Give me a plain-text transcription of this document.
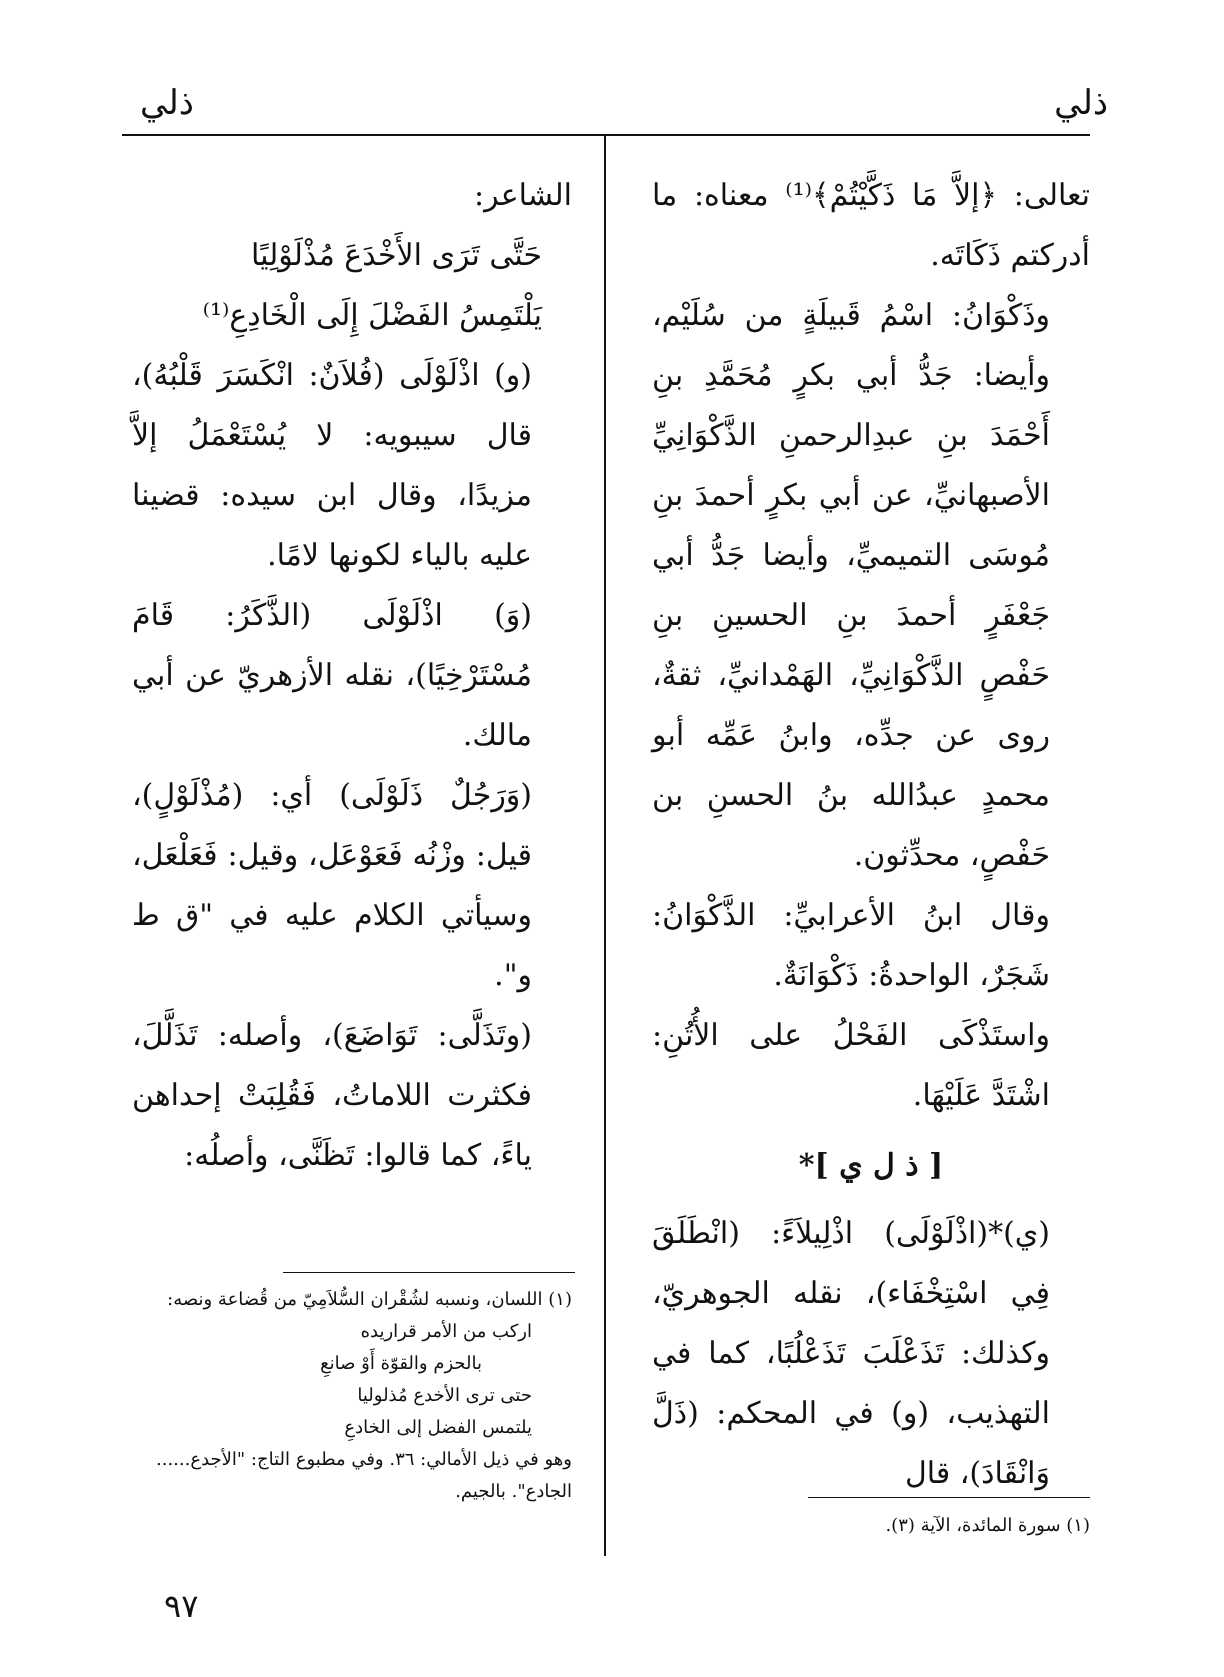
ذلي
ذلي

تعالى: ﴿إلاَّ مَا ذَكَّيْتُمْ﴾⁽¹⁾ معناه: ما أدركتم ذَكَاتَه.

وذَكْوَانُ: اسْمُ قَبيلَةٍ من سُلَيْم، وأيضا: جَدُّ أبي بكرٍ مُحَمَّدِ بنِ أَحْمَدَ بنِ عبدِالرحمنِ الذَّكْوَانِيِّ الأصبهانيِّ، عن أبي بكرٍ أحمدَ بنِ مُوسَى التميميِّ، وأيضا جَدُّ أبي جَعْفَرٍ أحمدَ بنِ الحسينِ بنِ حَفْصٍ الذَّكْوَانِيِّ، الهَمْدانيِّ، ثقةٌ، روى عن جدِّه، وابنُ عَمِّه أبو محمدٍ عبدُالله بنُ الحسنِ بن حَفْصٍ، محدِّثون.

وقال ابنُ الأعرابيِّ: الذَّكْوَانُ: شَجَرٌ، الواحدةُ: ذَكْوَانَةٌ.

واستَذْكَى الفَحْلُ على الأُتُنِ: اشْتَدَّ عَلَيْهَا.

[ ذ ل ي ]*

(ي)*(اذْلَوْلَى) اذْلِيلاَءً: (انْطَلَقَ فِي اسْتِخْفَاء)، نقله الجوهريّ، وكذلك: تَذَعْلَبَ تَذَعْلُبًا، كما في التهذيب، (و) في المحكم: (ذَلَّ وَانْقَادَ)، قال

الشاعر:

حَتَّى تَرَى الأَخْدَعَ مُذْلَوْلِيًا

يَلْتَمِسُ الفَضْلَ إِلَى الْخَادِعِ⁽¹⁾

(و) اذْلَوْلَى (فُلاَنٌ: انْكَسَرَ قَلْبُهُ)، قال سيبويه: لا يُسْتَعْمَلُ إلاَّ مزيدًا، وقال ابن سيده: قضينا عليه بالياء لكونها لامًا.

(وَ) اذْلَوْلَى (الذَّكَرُ: قَامَ مُسْتَرْخِيًا)، نقله الأزهريّ عن أبي مالك.

(وَرَجُلٌ ذَلَوْلَى) أي: (مُذْلَوْلٍ)، قيل: وزْنُه فَعَوْعَل، وقيل: فَعَلْعَل، وسيأتي الكلام عليه في "ق ط و".

(وتَذَلَّى: تَوَاضَعَ)، وأصله: تَذَلَّلَ، فكثرت اللاماتُ، فَقُلِبَتْ إحداهن ياءً، كما قالوا: تَظَنَّى، وأصلُه:

(١) سورة المائدة، الآية (٣).

(١) اللسان، ونسبه لشُقْران السُّلاَمِيّ من قُضاعة ونصه:

اركب من الأمر قراريده

بالحزم والقوّة أَوْ صانعِ

حتى ترى الأخدع مُذلوليا

يلتمس الفضل إلى الخادعِ

وهو في ذيل الأمالي: ٣٦. وفي مطبوع التاج: "الأجدع...... الجادع". بالجيم.

٩٧
